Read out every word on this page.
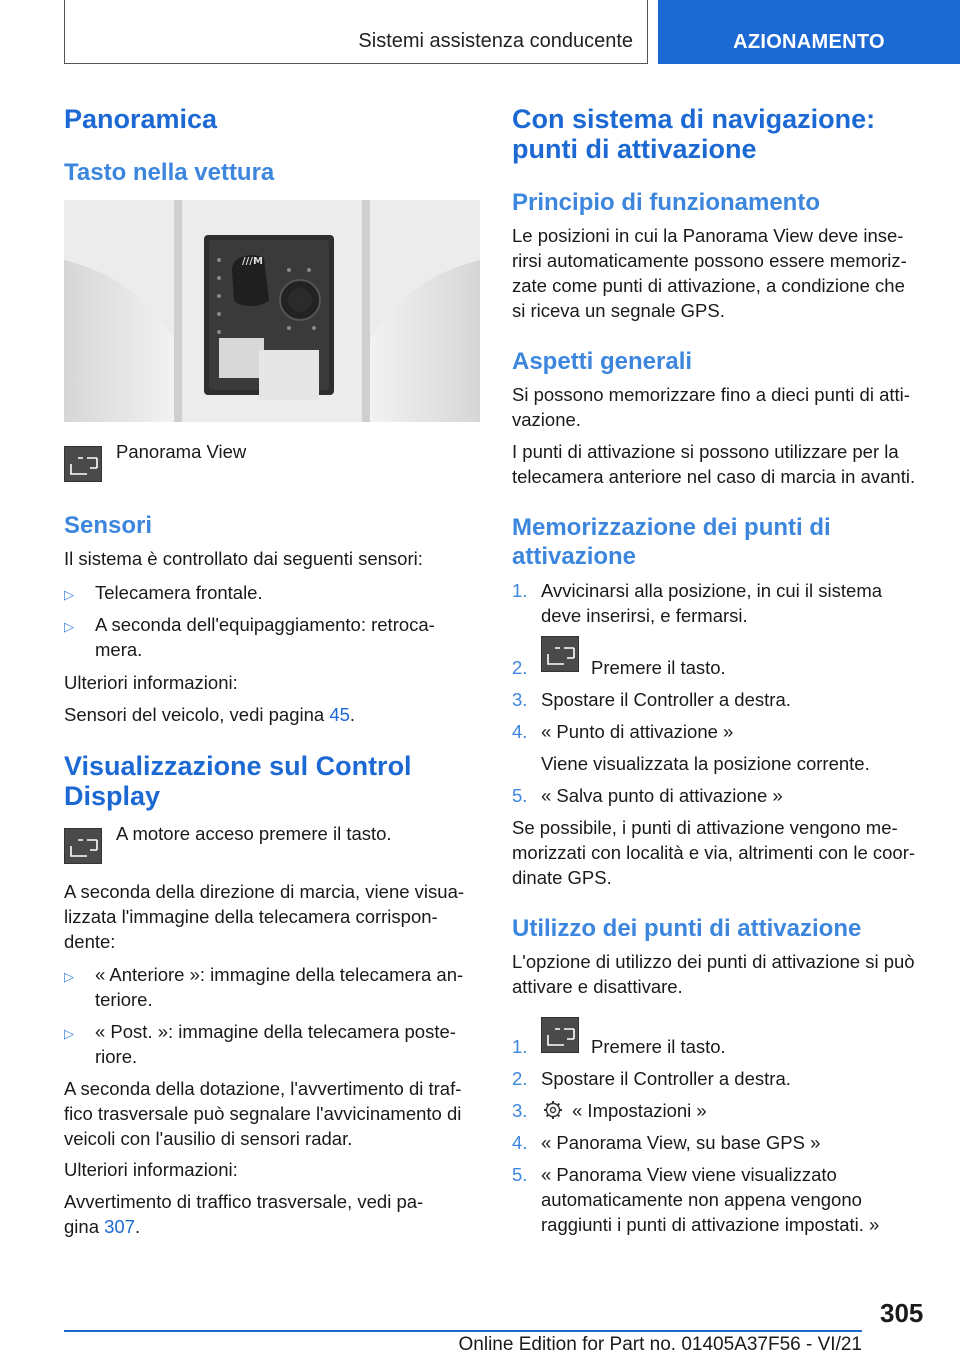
Sistemi assistenza conducente	AZIONAMENTO
Panoramica
Tasto nella vettura
///M
Panorama View
Sensori
Il sistema è controllato dai seguenti sensori:
▷ Telecamera frontale.
▷ A seconda dell'equipaggiamento: retroca-
mera.
Ulteriori informazioni:
Sensori del veicolo, vedi pagina 45.
Visualizzazione sul Control
Display
A motore acceso premere il tasto.
A seconda della direzione di marcia, viene visua-
lizzata l'immagine della telecamera corrispon-
dente:
▷ « Anteriore »: immagine della telecamera an-
teriore.
▷ « Post. »: immagine della telecamera poste-
riore.
A seconda della dotazione, l'avvertimento di traf-
fico trasversale può segnalare l'avvicinamento di
veicoli con l'ausilio di sensori radar.
Ulteriori informazioni:
Avvertimento di traffico trasversale, vedi pa-
gina 307.
Con sistema di navigazione:
punti di attivazione
Principio di funzionamento
Le posizioni in cui la Panorama View deve inse-
rirsi automaticamente possono essere memoriz-
zate come punti di attivazione, a condizione che
si riceva un segnale GPS.
Aspetti generali
Si possono memorizzare fino a dieci punti di atti-
vazione.
I punti di attivazione si possono utilizzare per la
telecamera anteriore nel caso di marcia in avanti.
Memorizzazione dei punti di
attivazione
1. Avvicinarsi alla posizione, in cui il sistema
deve inserirsi, e fermarsi.
2.	Premere il tasto.
3. Spostare il Controller a destra.
4. « Punto di attivazione »
Viene visualizzata la posizione corrente.
5. « Salva punto di attivazione »
Se possibile, i punti di attivazione vengono me-
morizzati con località e via, altrimenti con le coor-
dinate GPS.
Utilizzo dei punti di attivazione
L'opzione di utilizzo dei punti di attivazione si può
attivare e disattivare.
1.	Premere il tasto.
2. Spostare il Controller a destra.
3. « Impostazioni »
4. « Panorama View, su base GPS »
5. « Panorama View viene visualizzato
automaticamente non appena vengono
raggiunti i punti di attivazione impostati. »
305
Online Edition for Part no. 01405A37F56 - VI/21
